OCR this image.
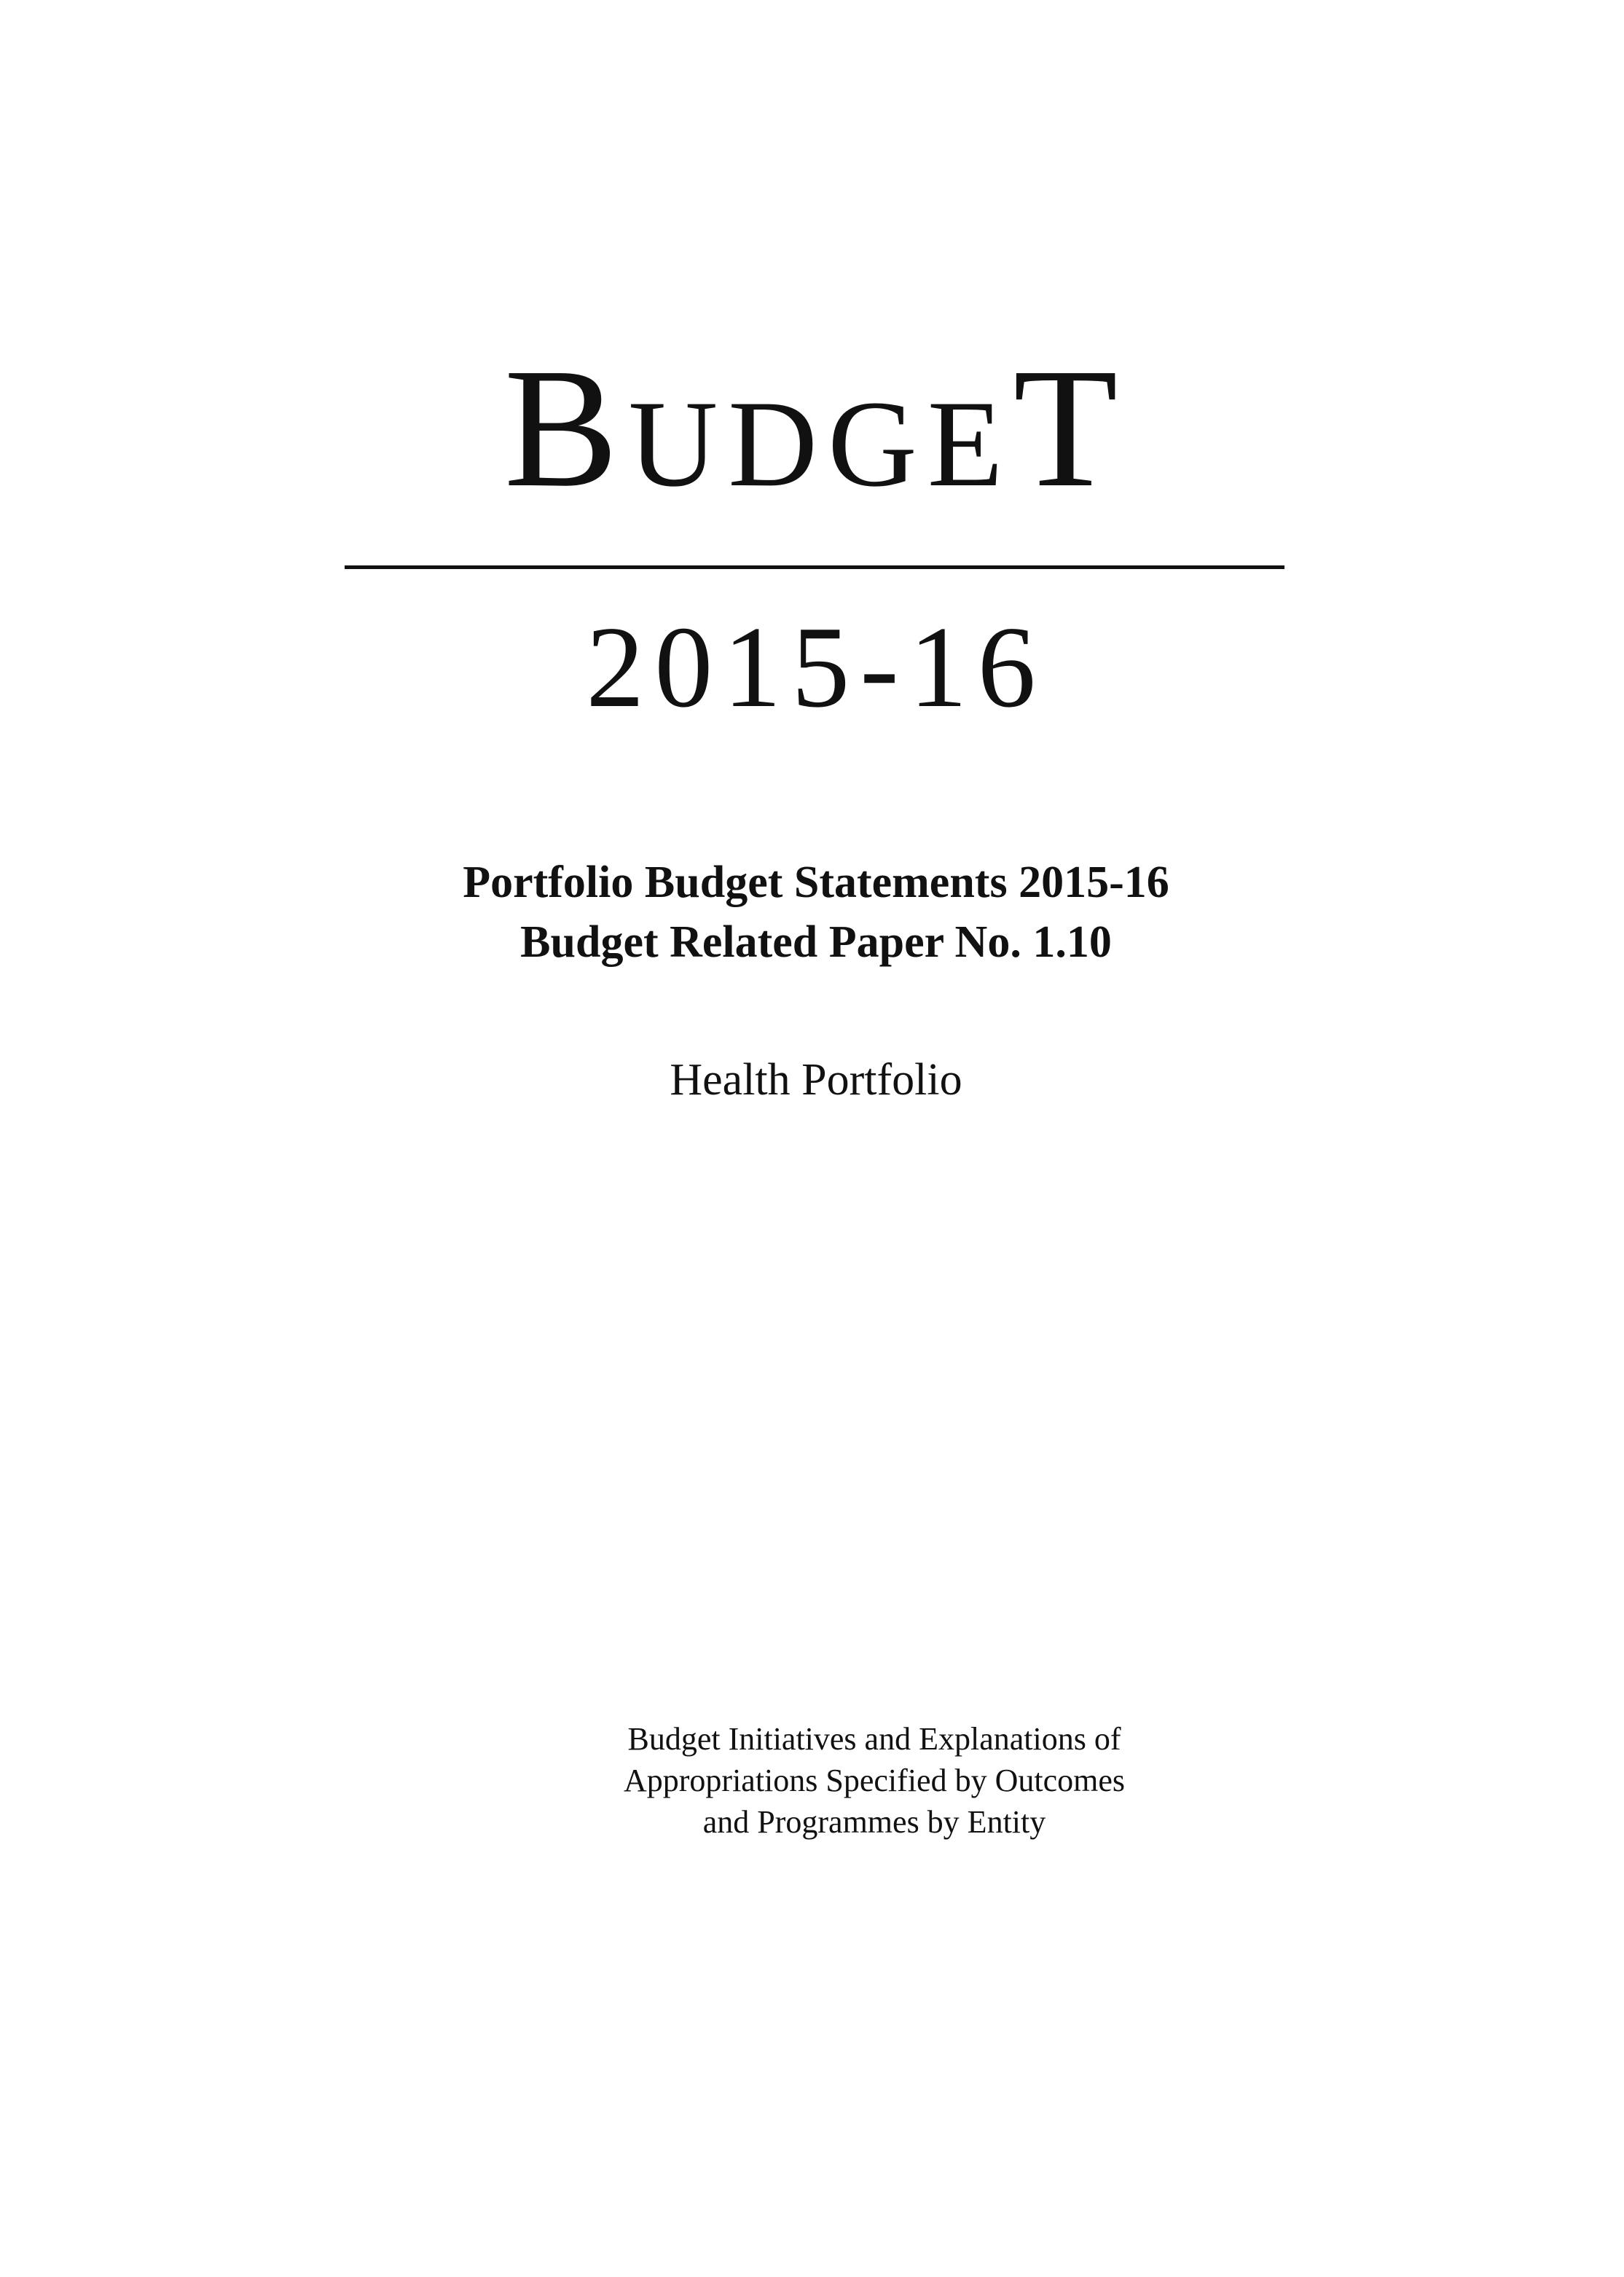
BUDGET
2015-16
Portfolio Budget Statements 2015-16
Budget Related Paper No. 1.10
Health Portfolio
Budget Initiatives and Explanations of
Appropriations Specified by Outcomes
and Programmes by Entity
